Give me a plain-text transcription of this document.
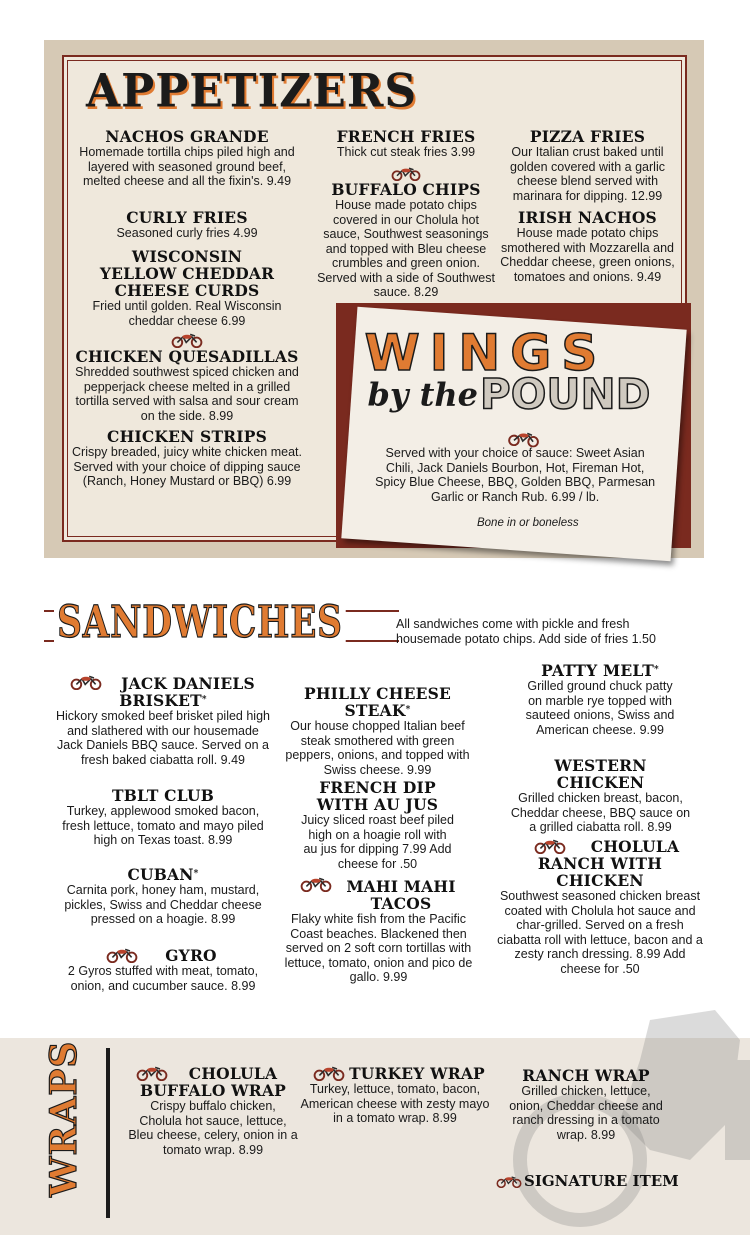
APPETIZERS
NACHOS GRANDE
Homemade tortilla chips piled high and layered with seasoned ground beef, melted cheese and all the fixin's. 9.49
CURLY FRIES
Seasoned curly fries 4.99
WISCONSIN YELLOW CHEDDAR CHEESE CURDS
Fried until golden. Real Wisconsin cheddar cheese 6.99
CHICKEN QUESADILLAS
Shredded southwest spiced chicken and pepperjack cheese melted in a grilled tortilla served with salsa and sour cream on the side. 8.99
CHICKEN STRIPS
Crispy breaded, juicy white chicken meat. Served with your choice of dipping sauce (Ranch, Honey Mustard or BBQ) 6.99
FRENCH FRIES
Thick cut steak fries 3.99
BUFFALO CHIPS
House made potato chips covered in our Cholula hot sauce, Southwest seasonings and topped with Bleu cheese crumbles and green onion. Served with a side of Southwest sauce. 8.29
PIZZA FRIES
Our Italian crust baked until golden covered with a garlic cheese blend served with marinara for dipping. 12.99
IRISH NACHOS
House made potato chips smothered with Mozzarella and Cheddar cheese, green onions, tomatoes and onions. 9.49
WINGS
by the POUND
Served with your choice of sauce: Sweet Asian Chili, Jack Daniels Bourbon, Hot, Fireman Hot, Spicy Blue Cheese, BBQ, Golden BBQ, Parmesan Garlic or Ranch Rub. 6.99 / lb.
Bone in or boneless
SANDWICHES	All sandwiches come with pickle and fresh housemade potato chips. Add side of fries 1.50
JACK DANIELS
BRISKET*
Hickory smoked beef brisket piled high and slathered with our housemade Jack Daniels BBQ sauce. Served on a fresh baked ciabatta roll. 9.49
TBLT CLUB
Turkey, applewood smoked bacon, fresh lettuce, tomato and mayo piled high on Texas toast. 8.99
CUBAN*
Carnita pork, honey ham, mustard, pickles, Swiss and Cheddar cheese pressed on a hoagie. 8.99
GYRO
2 Gyros stuffed with meat, tomato, onion, and cucumber sauce. 8.99
PHILLY CHEESE STEAK*
Our house chopped Italian beef steak smothered with green peppers, onions, and topped with Swiss cheese. 9.99
FRENCH DIP WITH AU JUS
Juicy sliced roast beef piled high on a hoagie roll with au jus for dipping 7.99 Add cheese for .50
MAHI MAHI TACOS
Flaky white fish from the Pacific Coast beaches. Blackened then served on 2 soft corn tortillas with lettuce, tomato, onion and pico de gallo. 9.99
PATTY MELT*
Grilled ground chuck patty on marble rye topped with sauteed onions, Swiss and American cheese. 9.99
WESTERN CHICKEN
Grilled chicken breast, bacon, Cheddar cheese, BBQ sauce on a grilled ciabatta roll. 8.99
CHOLULA
RANCH WITH CHICKEN
Southwest seasoned chicken breast coated with Cholula hot sauce and char-grilled. Served on a fresh ciabatta roll with lettuce, bacon and a zesty ranch dressing. 8.99 Add cheese for .50
WRAPS	CHOLULA
BUFFALO WRAP
Crispy buffalo chicken, Cholula hot sauce, lettuce, Bleu cheese, celery, onion in a tomato wrap. 8.99
TURKEY WRAP
Turkey, lettuce, tomato, bacon, American cheese with zesty mayo in a tomato wrap. 8.99
RANCH WRAP
Grilled chicken, lettuce, onion, Cheddar cheese and ranch dressing in a tomato wrap. 8.99
SIGNATURE ITEM
